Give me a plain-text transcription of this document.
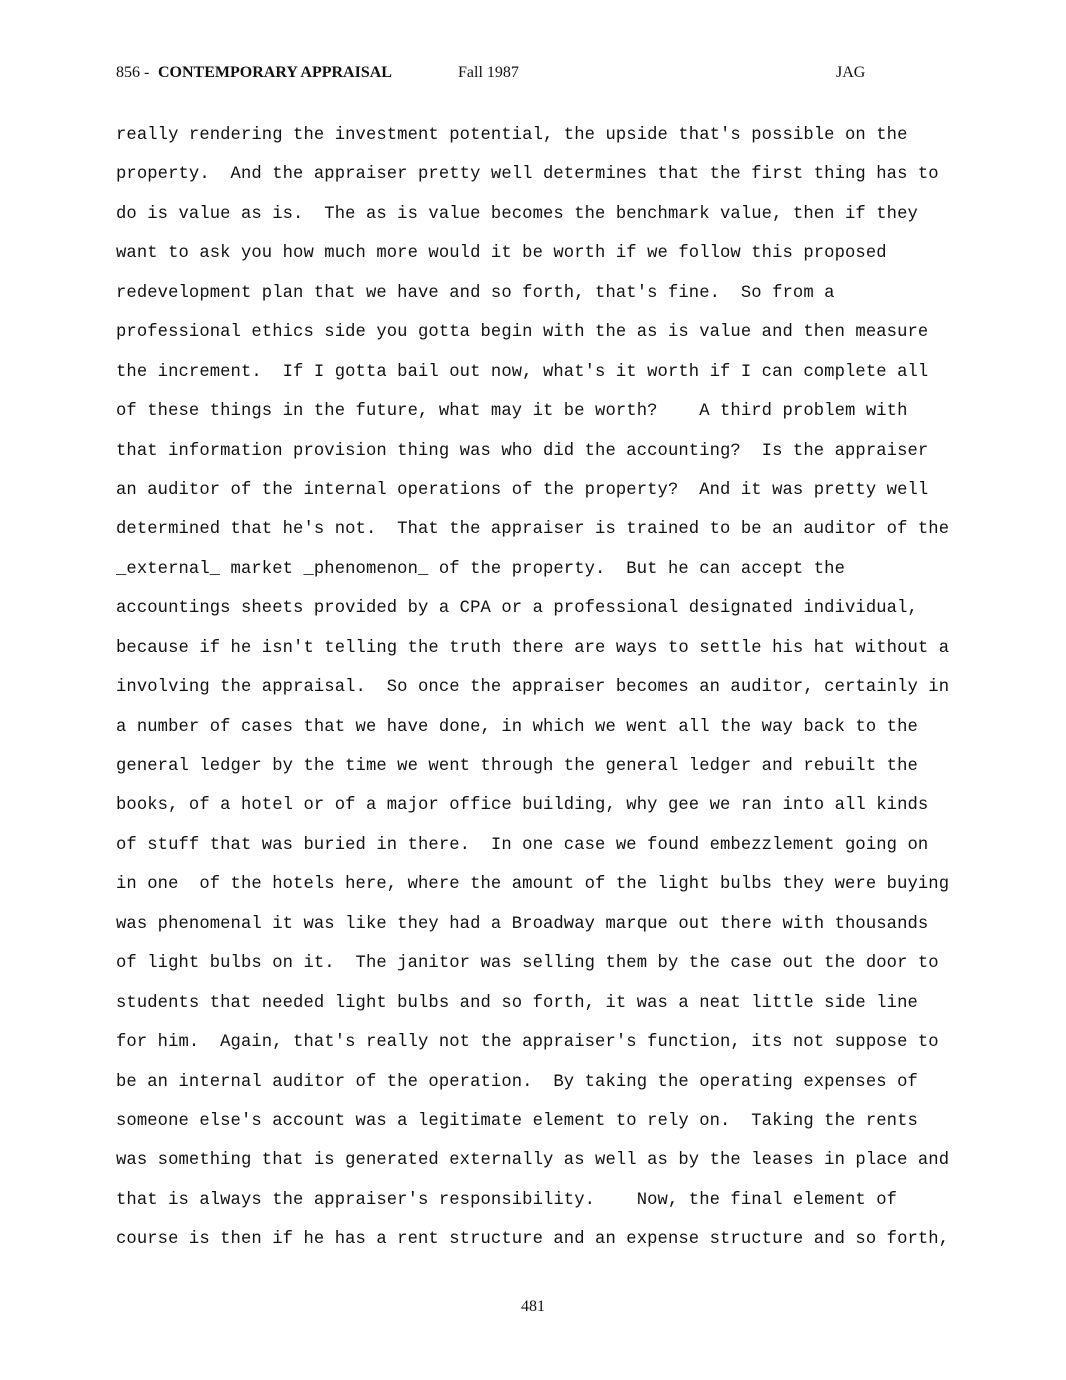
856 - CONTEMPORARY APPRAISAL	Fall 1987	JAG
really rendering the investment potential, the upside that's possible on the
property.  And the appraiser pretty well determines that the first thing has to
do is value as is.  The as is value becomes the benchmark value, then if they
want to ask you how much more would it be worth if we follow this proposed
redevelopment plan that we have and so forth, that's fine.  So from a
professional ethics side you gotta begin with the as is value and then measure
the increment.  If I gotta bail out now, what's it worth if I can complete all
of these things in the future, what may it be worth?    A third problem with
that information provision thing was who did the accounting?  Is the appraiser
an auditor of the internal operations of the property?  And it was pretty well
determined that he's not.  That the appraiser is trained to be an auditor of the
_external_ market _phenomenon_ of the property.  But he can accept the
accountings sheets provided by a CPA or a professional designated individual,
because if he isn't telling the truth there are ways to settle his hat without a
involving the appraisal.  So once the appraiser becomes an auditor, certainly in
a number of cases that we have done, in which we went all the way back to the
general ledger by the time we went through the general ledger and rebuilt the
books, of a hotel or of a major office building, why gee we ran into all kinds
of stuff that was buried in there.  In one case we found embezzlement going on
in one  of the hotels here, where the amount of the light bulbs they were buying
was phenomenal it was like they had a Broadway marque out there with thousands
of light bulbs on it.  The janitor was selling them by the case out the door to
students that needed light bulbs and so forth, it was a neat little side line
for him.  Again, that's really not the appraiser's function, its not suppose to
be an internal auditor of the operation.  By taking the operating expenses of
someone else's account was a legitimate element to rely on.  Taking the rents
was something that is generated externally as well as by the leases in place and
that is always the appraiser's responsibility.    Now, the final element of
course is then if he has a rent structure and an expense structure and so forth,
481
